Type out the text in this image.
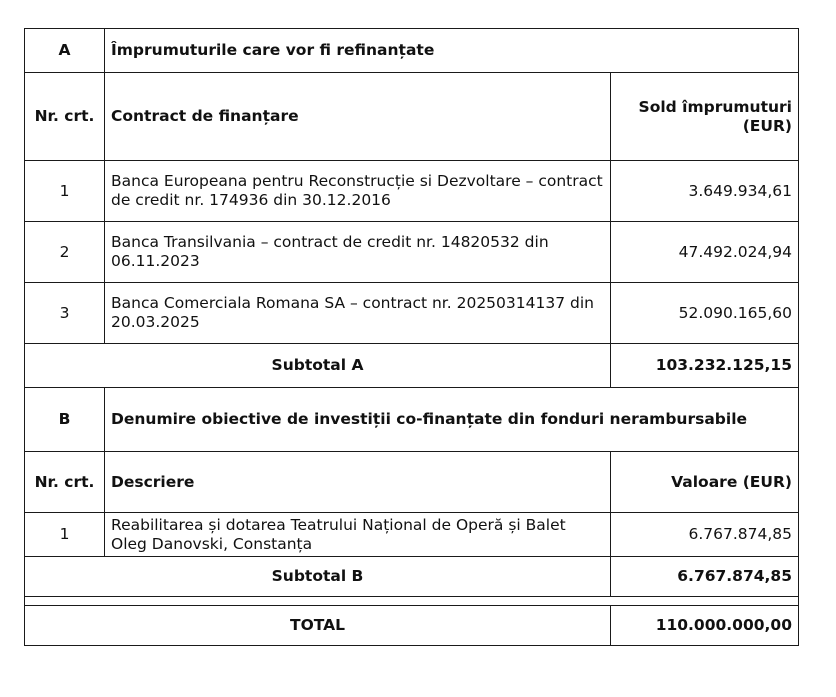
A	Împrumuturile care vor fi refinanțate	
Nr. crt.	Contract de finanțare	Sold împrumuturi (EUR)
1	Banca Europeana pentru Reconstrucție si Dezvoltare – contract de credit nr. 174936 din 30.12.2016	3.649.934,61
2	Banca Transilvania – contract de credit nr. 14820532 din 06.11.2023	47.492.024,94
3	Banca Comerciala Romana SA – contract nr. 20250314137 din 20.03.2025	52.090.165,60
Subtotal A		103.232.125,15
B	Denumire obiective de investiții co-finanțate din fonduri nerambursabile	
Nr. crt.	Descriere	Valoare (EUR)
1	Reabilitarea și dotarea Teatrului Național de Operă și Balet Oleg Danovski, Constanța	6.767.874,85
Subtotal B		6.767.874,85

TOTAL		110.000.000,00
